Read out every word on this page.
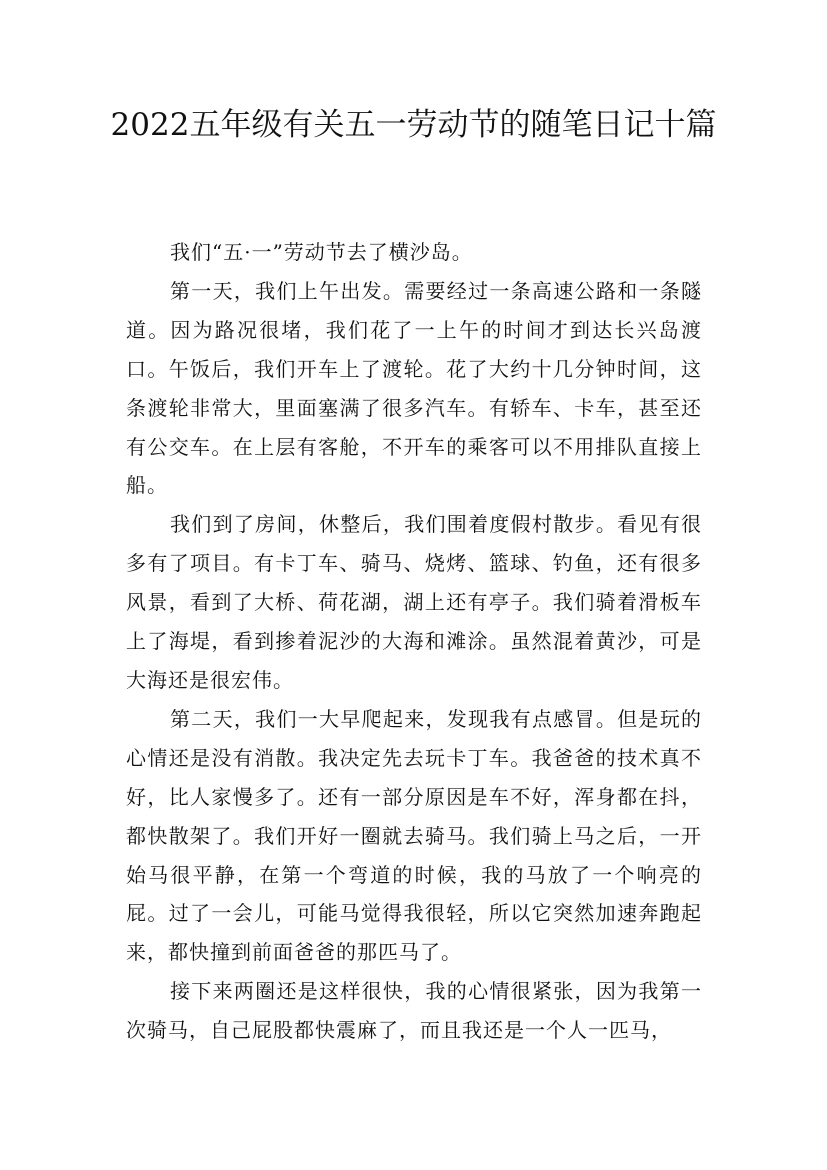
2022五年级有关五一劳动节的随笔日记十篇

我们“五·一”劳动节去了横沙岛。

第一天，我们上午出发。需要经过一条高速公路和一条隧道。因为路况很堵，我们花了一上午的时间才到达长兴岛渡口。午饭后，我们开车上了渡轮。花了大约十几分钟时间，这条渡轮非常大，里面塞满了很多汽车。有轿车、卡车，甚至还有公交车。在上层有客舱，不开车的乘客可以不用排队直接上船。

我们到了房间，休整后，我们围着度假村散步。看见有很多有了项目。有卡丁车、骑马、烧烤、篮球、钓鱼，还有很多风景，看到了大桥、荷花湖，湖上还有亭子。我们骑着滑板车上了海堤，看到掺着泥沙的大海和滩涂。虽然混着黄沙，可是大海还是很宏伟。

第二天，我们一大早爬起来，发现我有点感冒。但是玩的心情还是没有消散。我决定先去玩卡丁车。我爸爸的技术真不好，比人家慢多了。还有一部分原因是车不好，浑身都在抖，都快散架了。我们开好一圈就去骑马。我们骑上马之后，一开始马很平静，在第一个弯道的时候，我的马放了一个响亮的屁。过了一会儿，可能马觉得我很轻，所以它突然加速奔跑起来，都快撞到前面爸爸的那匹马了。

接下来两圈还是这样很快，我的心情很紧张，因为我第一次骑马，自己屁股都快震麻了，而且我还是一个人一匹马，
